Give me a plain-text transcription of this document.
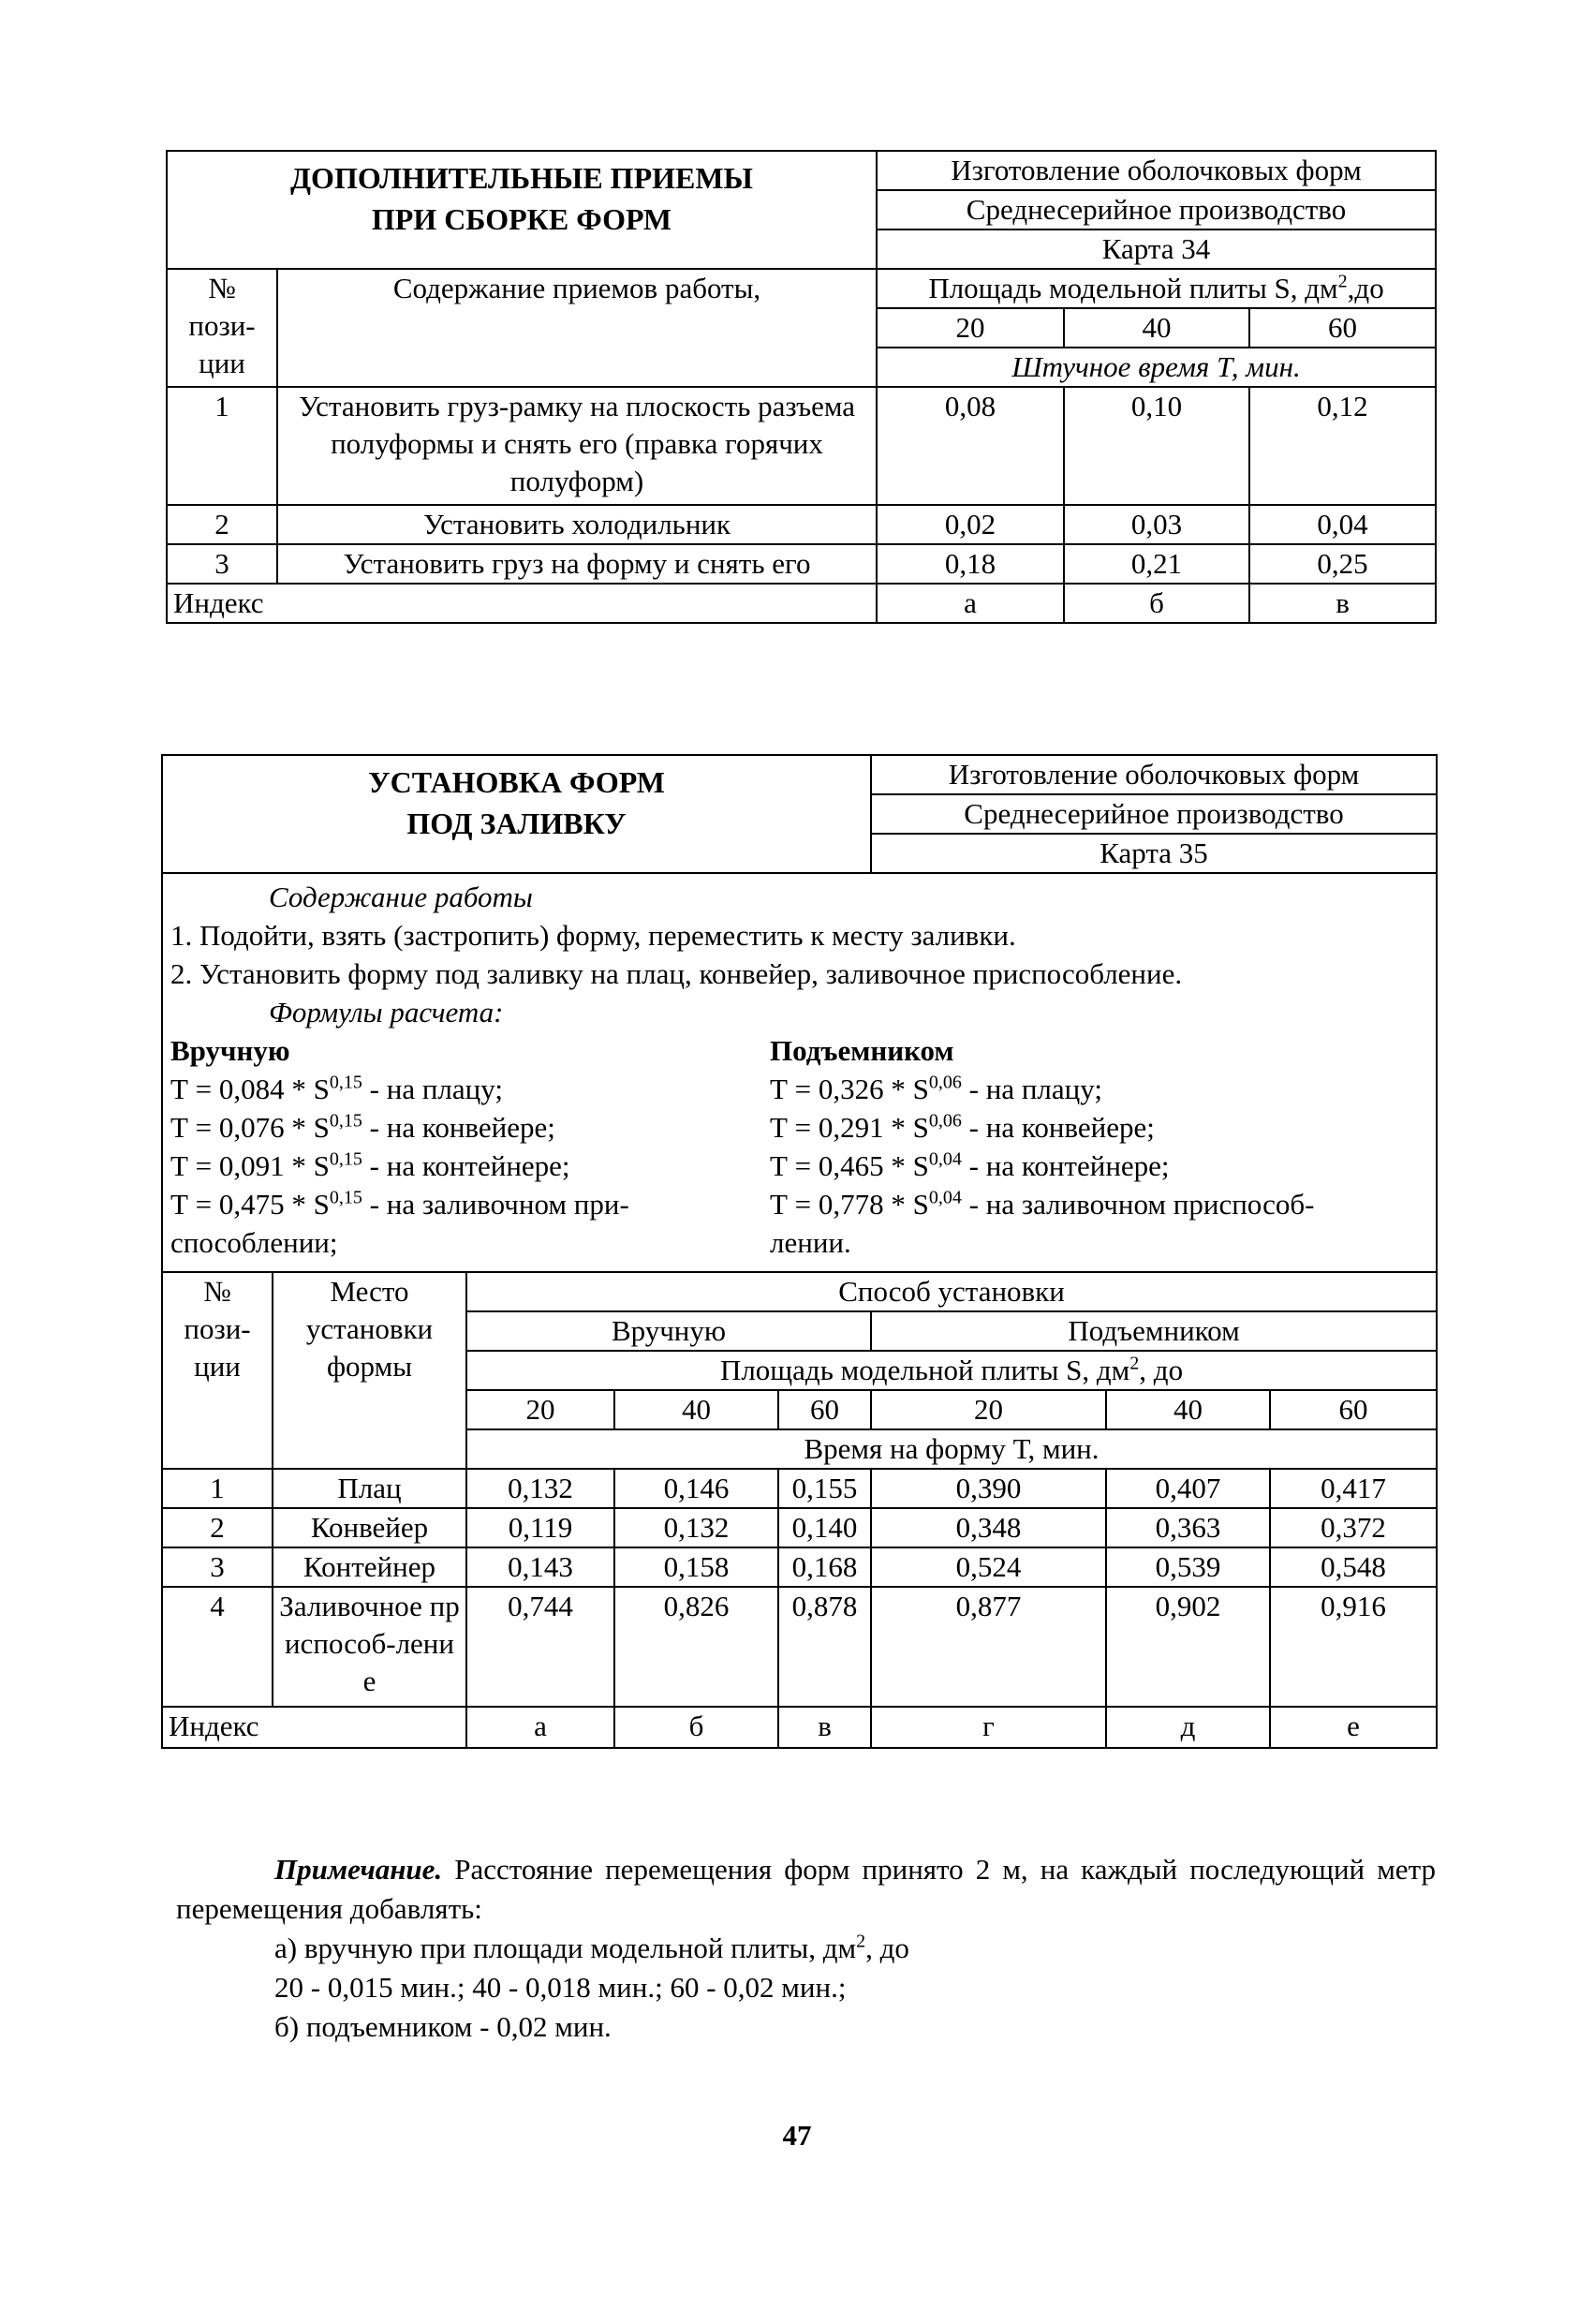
ДОПОЛНИТЕЛЬНЫЕ ПРИЕМЫ
ПРИ СБОРКЕ ФОРМ		Изготовление оболочковых форм		
		Среднесерийное производство		
		Карта 34		

№
пози-
ции	Содержание приемов работы,	Площадь модельной плиты S, $дм^2,до$		
		20	40	60
		Штучное время Т, мин.		
1	Установить груз-рамку на плоскость разъема полуформы и снять его (правка горячих полуформ)	0,08	0,10	0,12
2	Установить холодильник	0,02	0,03	0,04
3	Установить груз на форму и снять его	0,18	0,21	0,25
Индекс		а	б	в
УСТАНОВКА ФОРМ
ПОД ЗАЛИВКУ					Изготовление оболочковых форм		
					Среднесерийное производство		
					Карта 35		

Содержание работы
1. Подойти, взять (застропить) форму, переместить к месту заливки.
2. Установить форму под заливку на плац, конвейер, заливочное приспособление.
Формулы расчета:
Вручную
Т = 0,084 * S$^{0,15}$ - на плацу;
Т = 0,076 * S$^{0,15}$ - на конвейере;
Т = 0,091 * S$^{0,15}$ - на контейнере;
Т = 0,475 * S$^{0,15}$ - на заливочном при-
способлении;
Подъемником
Т = 0,326 * S$^{0,06}$ - на плацу;
Т = 0,291 * S$^{0,06}$ - на конвейере;
Т = 0,465 * S$^{0,04}$ - на контейнере;
Т = 0,778 * S$^{0,04}$ - на заливочном приспособ-
лении.

№
пози-
ции

Место
установки
формы
	Способ установки
		Вручную			Подъемником		
		Площадь модельной плиты S, $дм^2$, до					
		20	40	60	20	40	60
		Время на форму Т, мин.					
1	Плац	0,132	0,146	0,155	0,390	0,407	0,417
2	Конвейер	0,119	0,132	0,140	0,348	0,363	0,372
3	Контейнер	0,143	0,158	0,168	0,524	0,539	0,548
4	Заливочное приспособ-ление	0,744	0,826	0,878	0,877	0,902	0,916
Индекс		а	б	в	г	д	е

Примечание. Расстояние перемещения форм принято 2 м, на каждый последующий метр перемещения добавлять:

а) вручную при площади модельной плиты, $дм^2$, до

20 - 0,015 мин.; 40 - 0,018 мин.; 60 - 0,02 мин.;

б) подъемником - 0,02 мин.

47
